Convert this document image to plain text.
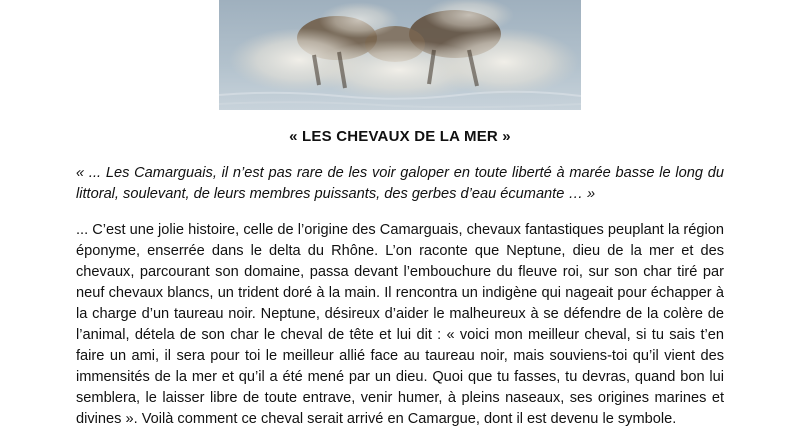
« LES CHEVAUX DE LA MER »
« ... Les Camarguais, il n’est pas rare de les voir galoper en toute liberté à marée basse le long du littoral, soulevant, de leurs membres puissants, des gerbes d’eau écumante … »
... C’est une jolie histoire, celle de l’origine des Camarguais, chevaux fantastiques peuplant la région éponyme, enserrée dans le delta du Rhône. L’on raconte que Neptune, dieu de la mer et des chevaux, parcourant son domaine, passa devant l’embouchure du fleuve roi, sur son char tiré par neuf chevaux blancs, un trident doré à la main. Il rencontra un indigène qui nageait pour échapper à la charge d’un taureau noir. Neptune, désireux d’aider le malheureux à se défendre de la colère de l’animal, détela de son char le cheval de tête et lui dit : « voici mon meilleur cheval, si tu sais t’en faire un ami, il sera pour toi le meilleur allié face au taureau noir, mais souviens-toi qu’il vient des immensités de la mer et qu’il a été mené par un dieu. Quoi que tu fasses, tu devras, quand bon lui semblera, le laisser libre de toute entrave, venir humer, à pleins naseaux, ses origines marines et divines ». Voilà comment ce cheval serait arrivé en Camargue, dont il est devenu le symbole.
